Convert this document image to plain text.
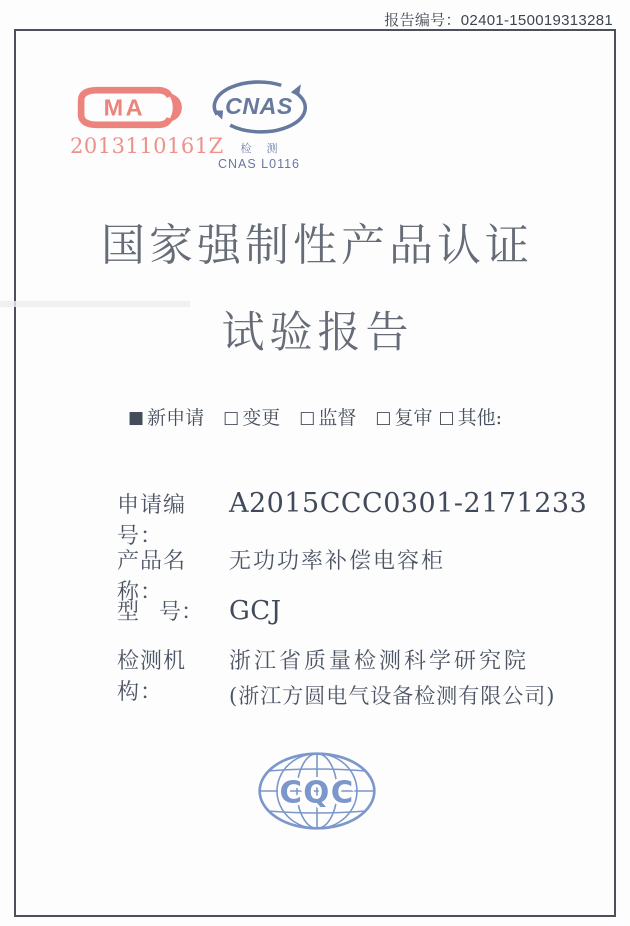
报告编号：02401-150019313281
MA
2013110161Z
CNAS
检 测
CNAS L0116
国家强制性产品认证
试验报告
■ 新申请 □ 变更 □ 监督 □ 复审 □ 其他:
申请编号：
A2015CCC0301-2171233
产品名称：
无功功率补偿电容柜
型 号： GCJ
检测机构：
浙江省质量检测科学研究院
(浙江方圆电气设备检测有限公司)
CQC
